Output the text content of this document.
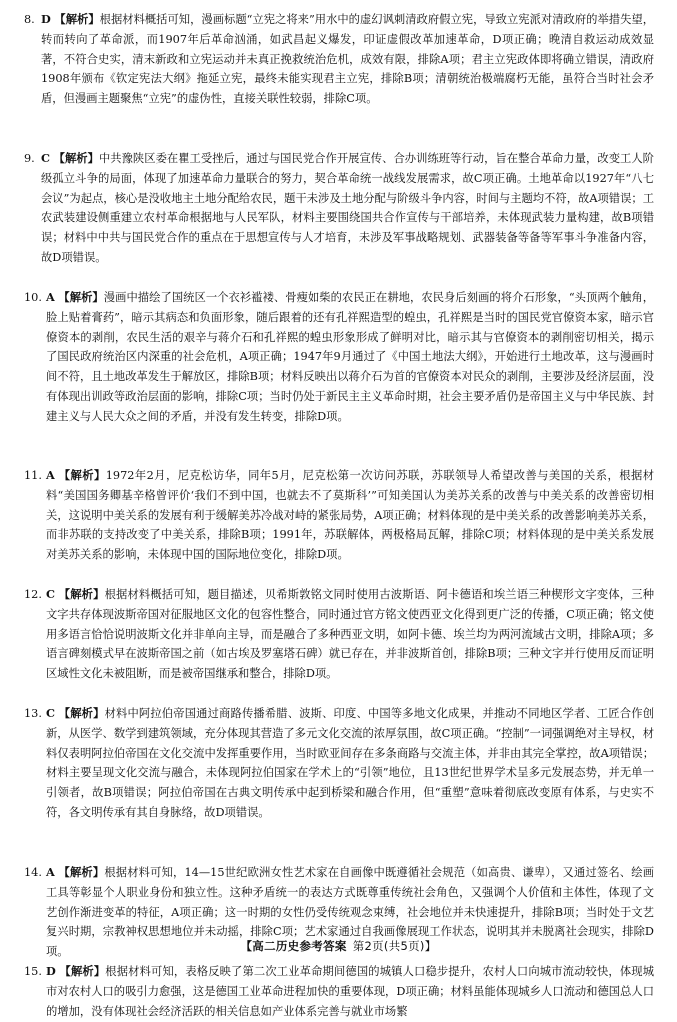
8. D 【解析】根据材料概括可知，漫画标题“立宪之将来”用水中的虚幻讽刺清政府假立宪，导致立宪派对清政府的举措失望，转而转向了革命派，而1907年后革命汹涌，如武昌起义爆发，印证虚假改革加速革命，D项正确；晚清自救运动成效显著，不符合史实，清末新政和立宪运动并未真正挽救统治危机，成效有限，排除A项；君主立宪政体即将确立错误，清政府1908年颁布《钦定宪法大纲》拖延立宪，最终未能实现君主立宪，排除B项；清朝统治极端腐朽无能，虽符合当时社会矛盾，但漫画主题聚焦“立宪”的虚伪性，直接关联性较弱，排除C项。
9. C 【解析】中共豫陕区委在瞿工受挫后，通过与国民党合作开展宣传、合办训练班等行动，旨在整合革命力量，改变工人阶级孤立斗争的局面，体现了加速革命力量联合的努力，契合革命统一战线发展需求，故C项正确。土地革命以1927年“八七会议”为起点，核心是没收地主土地分配给农民，题干未涉及土地分配与阶级斗争内容，时间与主题均不符，故A项错误；工农武装建设侧重建立农村革命根据地与人民军队，材料主要围绕国共合作宣传与干部培养，未体现武装力量构建，故B项错误；材料中中共与国民党合作的重点在于思想宣传与人才培育，未涉及军事战略规划、武器装备等备等军事斗争准备内容，故D项错误。
10. A 【解析】漫画中描绘了国统区一个衣衫褴褛、骨瘦如柴的农民正在耕地，农民身后刻画的将介石形象，“头顶两个触角，脸上贴着膏药”，暗示其病态和负面形象，随后跟着的还有孔祥熙造型的蝗虫，孔祥熙是当时的国民党官僚资本家，暗示官僚资本的剥削，农民生活的艰辛与蒋介石和孔祥熙的蝗虫形象形成了鲜明对比，暗示其与官僚资本的剥削密切相关，揭示了国民政府统治区内深重的社会危机，A项正确；1947年9月通过了《中国土地法大纲》，开始进行土地改革，这与漫画时间不符，且土地改革发生于解放区，排除B项；材料反映出以蒋介石为首的官僚资本对民众的剥削，主要涉及经济层面，没有体现出训政等政治层面的影响，排除C项；当时仍处于新民主主义革命时期，社会主要矛盾仍是帝国主义与中华民族、封建主义与人民大众之间的矛盾，并没有发生转变，排除D项。
11. A 【解析】1972年2月，尼克松访华，同年5月，尼克松第一次访问苏联，苏联领导人希望改善与美国的关系，根据材料“美国国务卿基辛格曾评价‘我们不到中国，也就去不了莫斯科’”可知美国认为美苏关系的改善与中美关系的改善密切相关，这说明中美关系的发展有利于缓解美苏冷战对峙的紧张局势，A项正确；材料体现的是中美关系的改善影响美苏关系，而非苏联的支持改变了中美关系，排除B项；1991年，苏联解体，两极格局瓦解，排除C项；材料体现的是中美关系发展对美苏关系的影响，未体现中国的国际地位变化，排除D项。
12. C 【解析】根据材料概括可知，题目描述，贝希斯敦铭文同时使用古波斯语、阿卡德语和埃兰语三种楔形文字变体，三种文字共存体现波斯帝国对征服地区文化的包容性整合，同时通过官方铭文使西亚文化得到更广泛的传播，C项正确；铭文使用多语言恰恰说明波斯文化并非单向主导，而是融合了多种西亚文明，如阿卡德、埃兰均为两河流域古文明，排除A项；多语言碑刻模式早在波斯帝国之前（如古埃及罗塞塔石碑）就已存在，并非波斯首创，排除B项；三种文字并行使用反而证明区域性文化未被阻断，而是被帝国继承和整合，排除D项。
13. C 【解析】材料中阿拉伯帝国通过商路传播希腊、波斯、印度、中国等多地文化成果，并推动不同地区学者、工匠合作创新，从医学、数学到建筑领域，充分体现其营造了多元文化交流的浓厚氛围，故C项正确。“控制”一词强调绝对主导权，材料仅表明阿拉伯帝国在文化交流中发挥重要作用，当时欧亚间存在多条商路与交流主体，并非由其完全掌控，故A项错误；材料主要呈现文化交流与融合，未体现阿拉伯国家在学术上的“引领”地位，且13世纪世界学术呈多元发展态势，并无单一引领者，故B项错误；阿拉伯帝国在古典文明传承中起到桥梁和融合作用，但“重塑”意味着彻底改变原有体系，与史实不符，各文明传承有其自身脉络，故D项错误。
14. A 【解析】根据材料可知，14—15世纪欧洲女性艺术家在自画像中既遵循社会规范（如高贵、谦卑），又通过签名、绘画工具等彰显个人职业身份和独立性。这种矛盾统一的表达方式既尊重传统社会角色，又强调个人价值和主体性，体现了文艺创作渐进变革的特征，A项正确；这一时期的女性仍受传统观念束缚，社会地位并未快速提升，排除B项；当时处于文艺复兴时期，宗教神权思想地位并未动摇，排除C项；艺术家通过自我画像展现工作状态，说明其并未脱离社会现实，排除D项。
15. D 【解析】根据材料可知，表格反映了第二次工业革命期间德国的城镇人口稳步提升，农村人口向城市流动较快，体现城市对农村人口的吸引力愈强，这是德国工业革命进程加快的重要体现，D项正确；材料虽能体现城乡人口流动和德国总人口的增加，没有体现社会经济活跃的相关信息如产业体系完善与就业市场繁
【高二历史参考答案 第2页(共5页)】
